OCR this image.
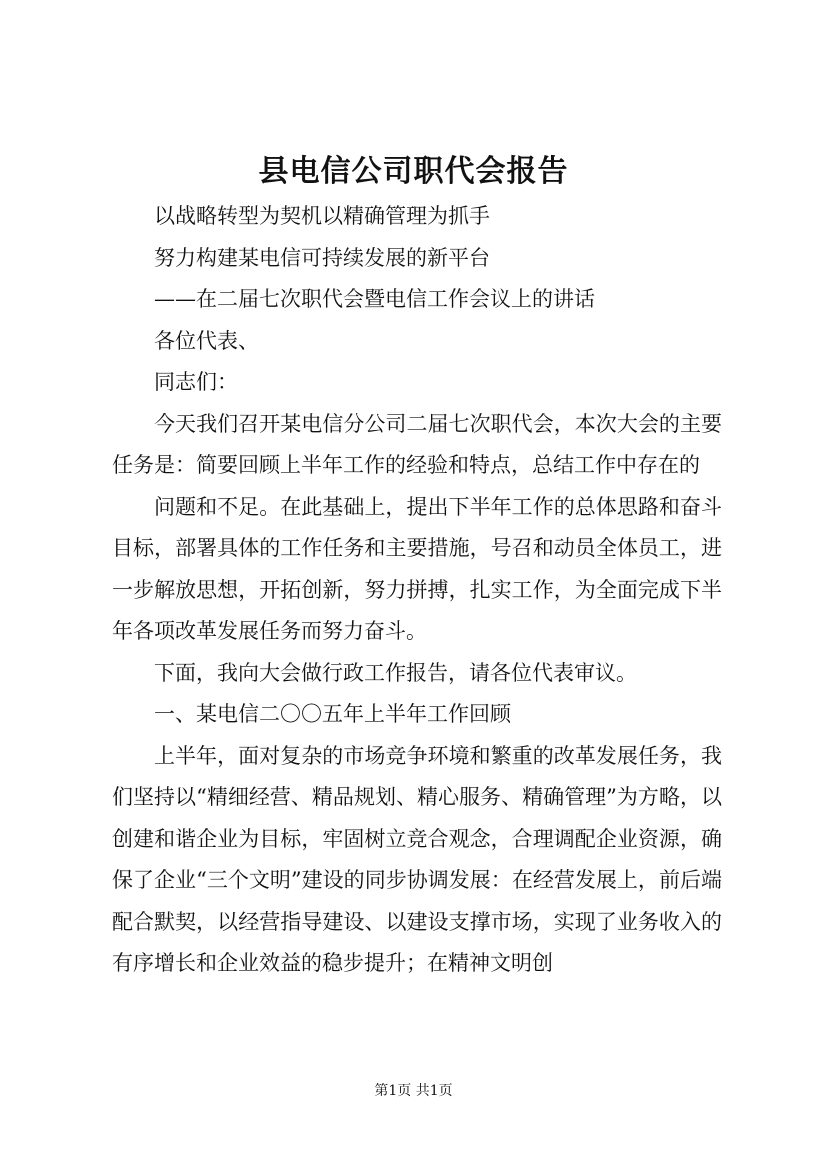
县电信公司职代会报告

以战略转型为契机以精确管理为抓手

努力构建某电信可持续发展的新平台

——在二届七次职代会暨电信工作会议上的讲话

各位代表、

同志们：

今天我们召开某电信分公司二届七次职代会，本次大会的主要任务是：简要回顾上半年工作的经验和特点，总结工作中存在的

问题和不足。在此基础上，提出下半年工作的总体思路和奋斗目标，部署具体的工作任务和主要措施，号召和动员全体员工，进一步解放思想，开拓创新，努力拼搏，扎实工作，为全面完成下半年各项改革发展任务而努力奋斗。

下面，我向大会做行政工作报告，请各位代表审议。

一、某电信二〇〇五年上半年工作回顾

上半年，面对复杂的市场竞争环境和繁重的改革发展任务，我们坚持以“精细经营、精品规划、精心服务、精确管理”为方略，以创建和谐企业为目标，牢固树立竞合观念，合理调配企业资源，确保了企业“三个文明”建设的同步协调发展：在经营发展上，前后端配合默契，以经营指导建设、以建设支撑市场，实现了业务收入的有序增长和企业效益的稳步提升；在精神文明创

第1页 共1页
